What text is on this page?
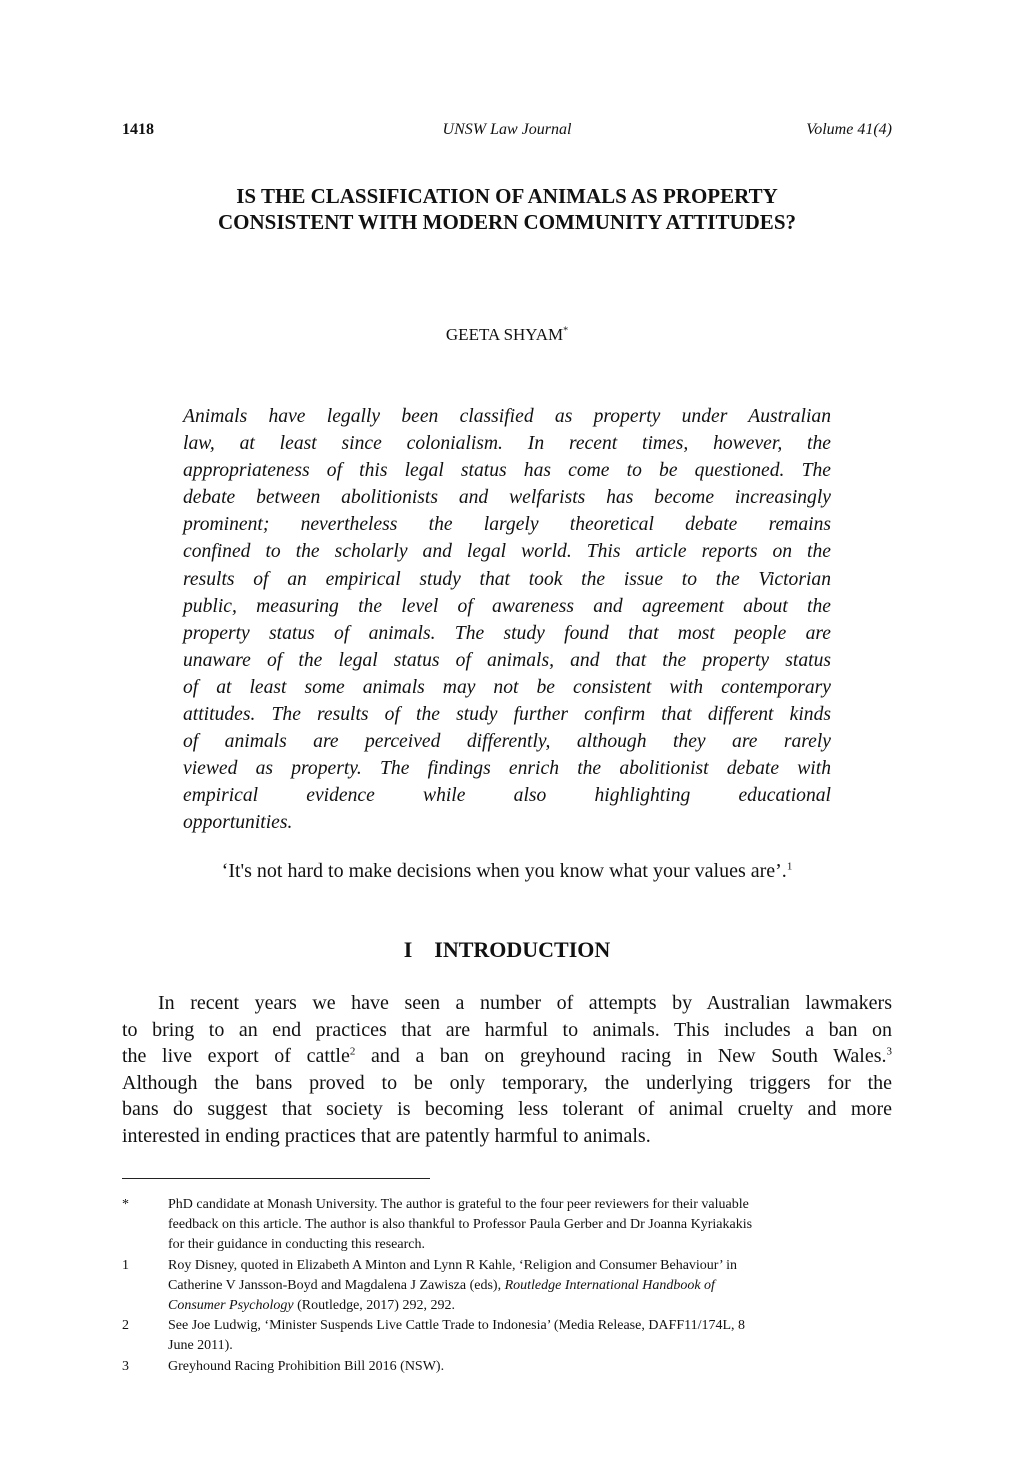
1418	UNSW Law Journal	Volume 41(4)
IS THE CLASSIFICATION OF ANIMALS AS PROPERTY
CONSISTENT WITH MODERN COMMUNITY ATTITUDES?
GEETA SHYAM*
Animals have legally been classified as property under Australian
law, at least since colonialism. In recent times, however, the
appropriateness of this legal status has come to be questioned. The
debate between abolitionists and welfarists has become increasingly
prominent; nevertheless the largely theoretical debate remains
confined to the scholarly and legal world. This article reports on the
results of an empirical study that took the issue to the Victorian
public, measuring the level of awareness and agreement about the
property status of animals. The study found that most people are
unaware of the legal status of animals, and that the property status
of at least some animals may not be consistent with contemporary
attitudes. The results of the study further confirm that different kinds
of animals are perceived differently, although they are rarely
viewed as property. The findings enrich the abolitionist debate with
empirical evidence while also highlighting educational
opportunities.
‘It's not hard to make decisions when you know what your values are’.$^1$
I INTRODUCTION
In recent years we have seen a number of attempts by Australian lawmakers
to bring to an end practices that are harmful to animals. This includes a ban on
the live export of cattle$^2$ and a ban on greyhound racing in New South Wales.$^3$
Although the bans proved to be only temporary, the underlying triggers for the
bans do suggest that society is becoming less tolerant of animal cruelty and more
interested in ending practices that are patently harmful to animals.
*	PhD candidate at Monash University. The author is grateful to the four peer reviewers for their valuable
feedback on this article. The author is also thankful to Professor Paula Gerber and Dr Joanna Kyriakakis
for their guidance in conducting this research.
1	Roy Disney, quoted in Elizabeth A Minton and Lynn R Kahle, ‘Religion and Consumer Behaviour’ in
Catherine V Jansson-Boyd and Magdalena J Zawisza (eds), Routledge International Handbook of
Consumer Psychology (Routledge, 2017) 292, 292.
2	See Joe Ludwig, ‘Minister Suspends Live Cattle Trade to Indonesia’ (Media Release, DAFF11/174L, 8
June 2011).
3	Greyhound Racing Prohibition Bill 2016 (NSW).
